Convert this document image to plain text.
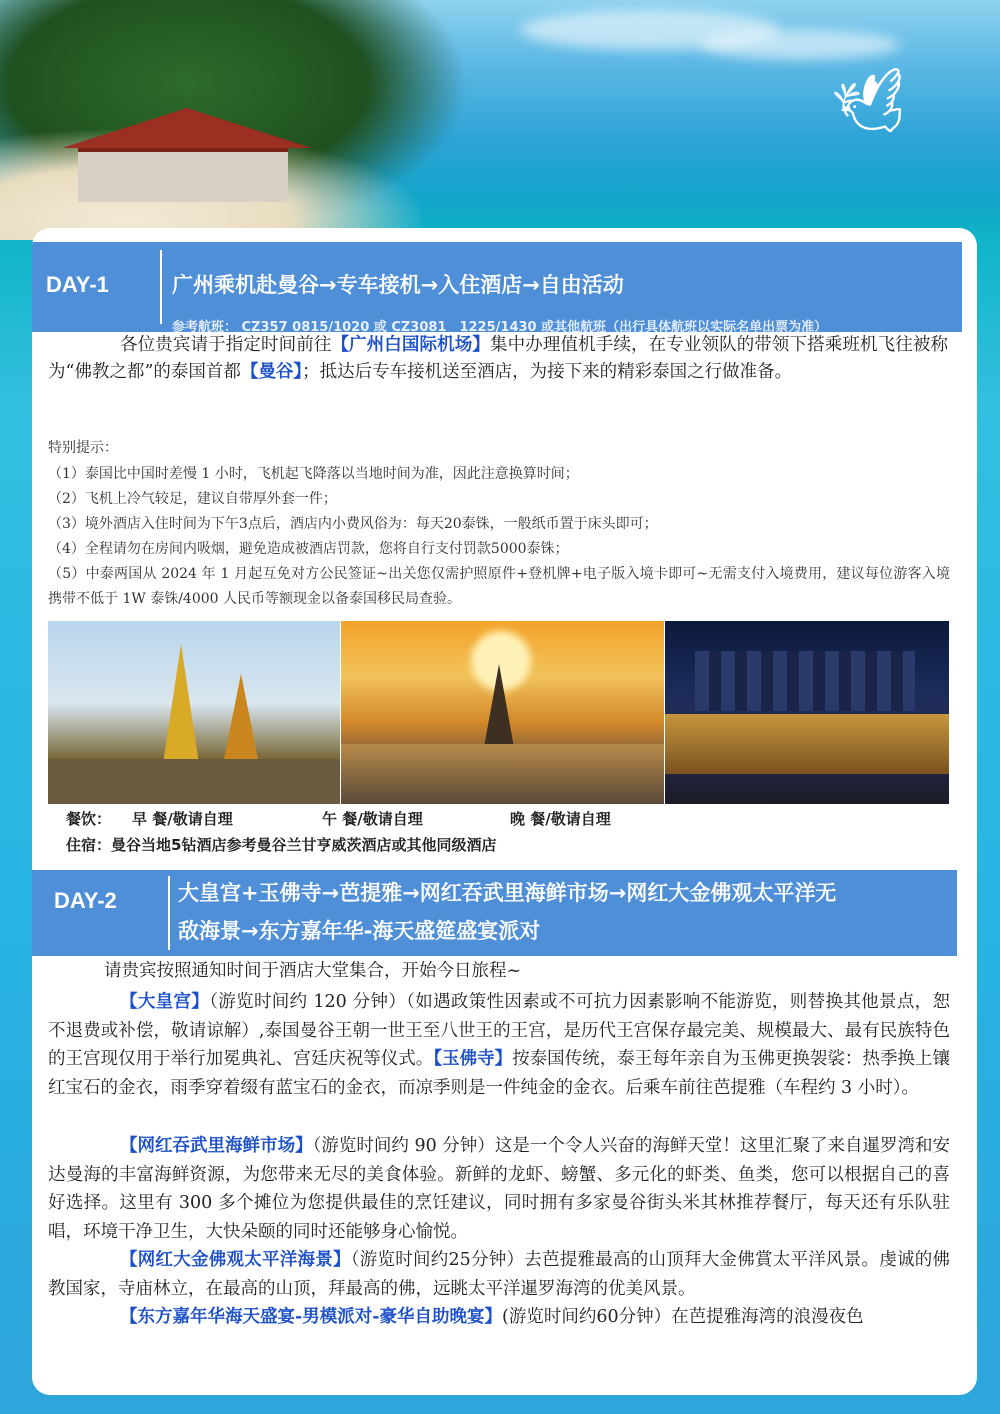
🕊
DAY-1	广州乘机赴曼谷→专车接机→入住酒店→自由活动
参考航班： CZ357 0815/1020 或 CZ3081　1225/1430 或其他航班（出行具体航班以实际名单出票为准）
各位贵宾请于指定时间前往【广州白国际机场】集中办理值机手续，在专业领队的带领下搭乘班机飞往被称为“佛教之都”的泰国首都【曼谷】；抵达后专车接机送至酒店，为接下来的精彩泰国之行做准备。
特别提示：
（1）泰国比中国时差慢 1 小时，飞机起飞降落以当地时间为准，因此注意换算时间；
（2）飞机上冷气较足，建议自带厚外套一件；
（3）境外酒店入住时间为下午3点后，酒店内小费风俗为：每天20泰铢，一般纸币置于床头即可；
（4）全程请勿在房间内吸烟，避免造成被酒店罚款，您将自行支付罚款5000泰铢；
（5）中泰两国从 2024 年 1 月起互免对方公民签证~出关您仅需护照原件+登机牌+电子版入境卡即可~无需支付入境费用，建议每位游客入境携带不低于 1W 泰铢/4000 人民币等额现金以备泰国移民局查验。
餐饮： 早 餐/敬请自理	午 餐/敬请自理	晚 餐/敬请自理
住宿：曼谷当地5钻酒店参考曼谷兰甘亨威茨酒店或其他同级酒店
DAY-2	大皇宫+玉佛寺→芭提雅→网红吞武里海鲜市场→网红大金佛观太平洋无
敌海景→东方嘉年华-海天盛筵盛宴派对
请贵宾按照通知时间于酒店大堂集合，开始今日旅程~
【大皇宫】（游览时间约 120 分钟）（如遇政策性因素或不可抗力因素影响不能游览，则替换其他景点，恕不退费或补偿，敬请谅解）,泰国曼谷王朝一世王至八世王的王宫，是历代王宫保存最完美、规模最大、最有民族特色的王宫现仅用于举行加冕典礼、宫廷庆祝等仪式。【玉佛寺】按泰国传统，泰王每年亲自为玉佛更换袈裟：热季换上镶红宝石的金衣，雨季穿着缀有蓝宝石的金衣，而凉季则是一件纯金的金衣。后乘车前往芭提雅（车程约 3 小时）。
【网红吞武里海鲜市场】（游览时间约 90 分钟）这是一个令人兴奋的海鲜天堂！这里汇聚了来自暹罗湾和安达曼海的丰富海鲜资源，为您带来无尽的美食体验。新鲜的龙虾、螃蟹、多元化的虾类、鱼类，您可以根据自己的喜好选择。这里有 300 多个摊位为您提供最佳的烹饪建议，同时拥有多家曼谷街头米其林推荐餐厅，每天还有乐队驻唱，环境干净卫生，大快朵颐的同时还能够身心愉悦。
【网红大金佛观太平洋海景】（游览时间约25分钟）去芭提雅最高的山顶拜大金佛賞太平洋风景。虔诚的佛教国家，寺庙林立，在最高的山顶，拜最高的佛，远眺太平洋暹罗海湾的优美风景。
【东方嘉年华海天盛宴-男模派对-豪华自助晚宴】(游览时间约60分钟）在芭提雅海湾的浪漫夜色
